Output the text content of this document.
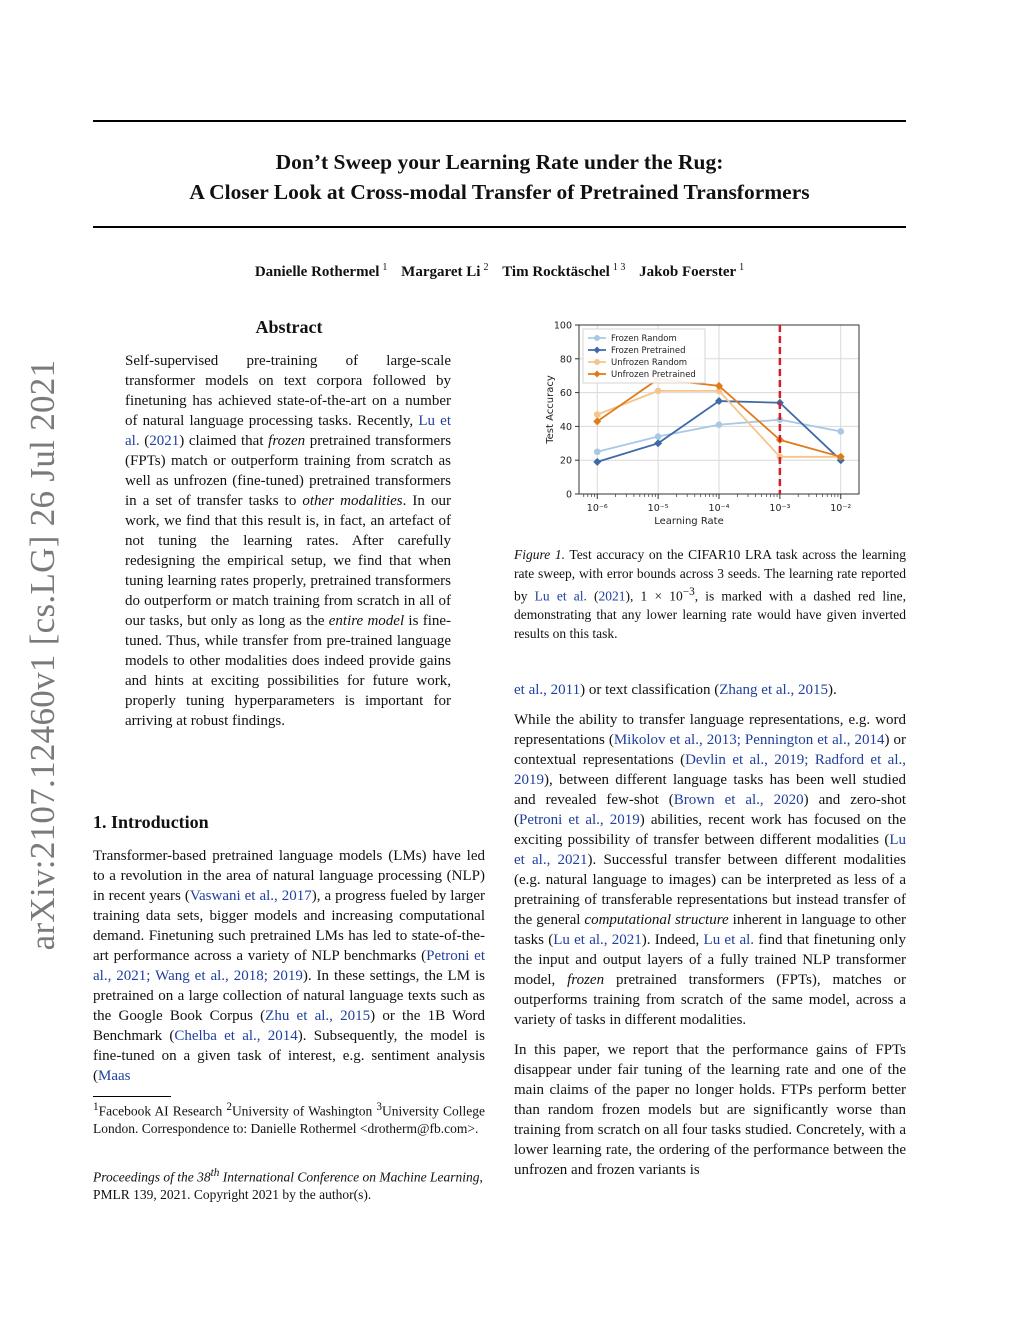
Don’t Sweep your Learning Rate under the Rug:
A Closer Look at Cross-modal Transfer of Pretrained Transformers
Danielle Rothermel $^1$ Margaret Li $^2$ Tim Rocktäschel $^{1 3}$ Jakob Foerster $^1$
arXiv:2107.12460v1 [cs.LG] 26 Jul 2021
Abstract
Self-supervised pre-training of large-scale transformer models on text corpora followed by finetuning has achieved state-of-the-art on a number of natural language processing tasks. Recently, Lu et al. (2021) claimed that frozen pretrained transformers (FPTs) match or outperform training from scratch as well as unfrozen (fine-tuned) pretrained transformers in a set of transfer tasks to other modalities. In our work, we find that this result is, in fact, an artefact of not tuning the learning rates. After carefully redesigning the empirical setup, we find that when tuning learning rates properly, pretrained transformers do outperform or match training from scratch in all of our tasks, but only as long as the entire model is fine-tuned. Thus, while transfer from pre-trained language models to other modalities does indeed provide gains and hints at exciting possibilities for future work, properly tuning hyperparameters is important for arriving at robust findings.
1. Introduction
Transformer-based pretrained language models (LMs) have led to a revolution in the area of natural language processing (NLP) in recent years (Vaswani et al., 2017), a progress fueled by larger training data sets, bigger models and increasing computational demand. Finetuning such pretrained LMs has led to state-of-the-art performance across a variety of NLP benchmarks (Petroni et al., 2021; Wang et al., 2018; 2019). In these settings, the LM is pretrained on a large collection of natural language texts such as the Google Book Corpus (Zhu et al., 2015) or the 1B Word Benchmark (Chelba et al., 2014). Subsequently, the model is fine-tuned on a given task of interest, e.g. sentiment analysis (Maas
$^1$Facebook AI Research $^2$University of Washington $^3$University College London. Correspondence to: Danielle Rothermel <drotherm@fb.com>.
Proceedings of the 38th International Conference on Machine Learning, PMLR 139, 2021. Copyright 2021 by the author(s).
10⁻⁶	10⁻⁵	10⁻⁴	10⁻³	10⁻²
0
20
40
60
80
100
Learning Rate
Test Accuracy
Frozen Random
Frozen Pretrained
Unfrozen Random
Unfrozen Pretrained
Figure 1. Test accuracy on the CIFAR10 LRA task across the learning rate sweep, with error bounds across 3 seeds. The learning rate reported by Lu et al. (2021), $1 \times 10^{-3}$, is marked with a dashed red line, demonstrating that any lower learning rate would have given inverted results on this task.

et al., 2011) or text classification (Zhang et al., 2015).

While the ability to transfer language representations, e.g. word representations (Mikolov et al., 2013; Pennington et al., 2014) or contextual representations (Devlin et al., 2019; Radford et al., 2019), between different language tasks has been well studied and revealed few-shot (Brown et al., 2020) and zero-shot (Petroni et al., 2019) abilities, recent work has focused on the exciting possibility of transfer between different modalities (Lu et al., 2021). Successful transfer between different modalities (e.g. natural language to images) can be interpreted as less of a pretraining of transferable representations but instead transfer of the general computational structure inherent in language to other tasks (Lu et al., 2021). Indeed, Lu et al. find that finetuning only the input and output layers of a fully trained NLP transformer model, frozen pretrained transformers (FPTs), matches or outperforms training from scratch of the same model, across a variety of tasks in different modalities.

In this paper, we report that the performance gains of FPTs disappear under fair tuning of the learning rate and one of the main claims of the paper no longer holds. FTPs perform better than random frozen models but are significantly worse than training from scratch on all four tasks studied. Concretely, with a lower learning rate, the ordering of the performance between the unfrozen and frozen variants is
